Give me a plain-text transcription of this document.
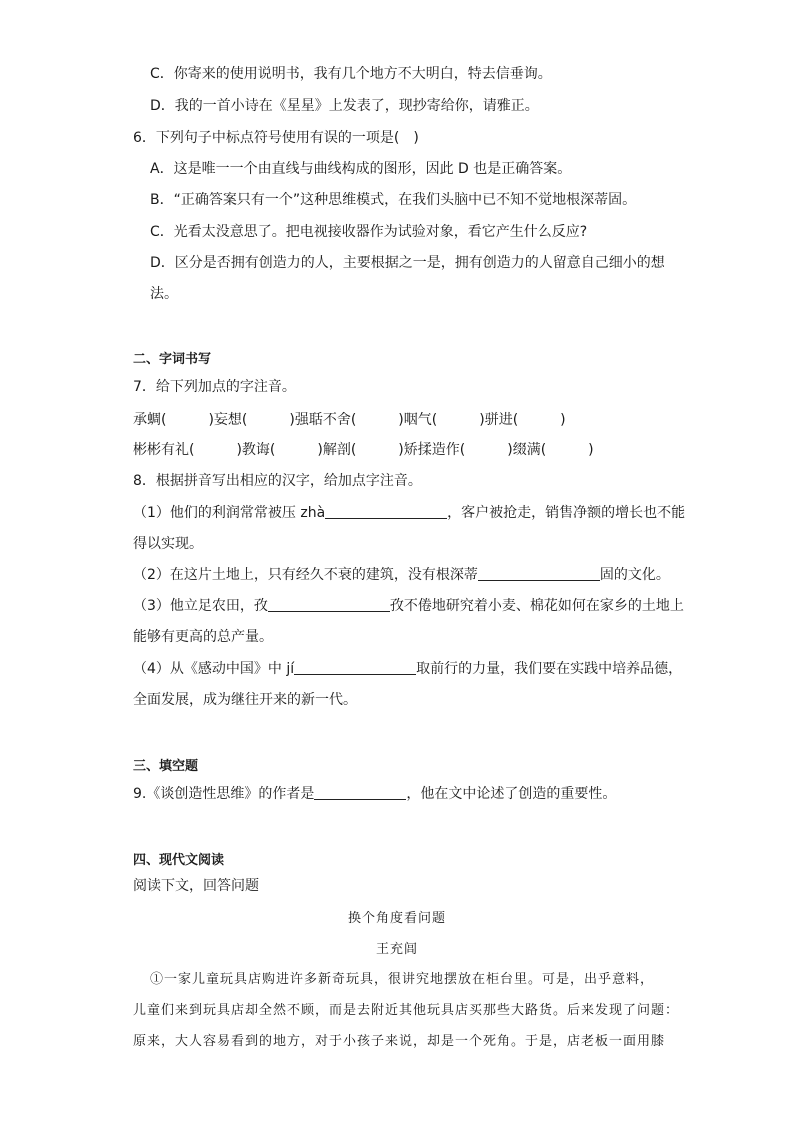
C．你寄来的使用说明书，我有几个地方不大明白，特去信垂询。
D．我的一首小诗在《星星》上发表了，现抄寄给你，请雅正。
6．下列句子中标点符号使用有误的一项是(　)
A．这是唯一一个由直线与曲线构成的图形，因此 D 也是正确答案。
B．“正确答案只有一个”这种思维模式，在我们头脑中已不知不觉地根深蒂固。
C．光看太没意思了。把电视接收器作为试验对象，看它产生什么反应?
D．区分是否拥有创造力的人，主要根据之一是，拥有创造力的人留意自己细小的想
法。
二、字词书写
7．给下列加点的字注音。
承蜩(　　　)妄想(　　　)强聒不舍(　　　)咽气(　　　)骈进(　　　)
彬彬有礼(　　　)教诲(　　　)解剖(　　　)矫揉造作(　　　)缀满(　　　)
8．根据拼音写出相应的汉字，给加点字注音。
（1）他们的利润常常被压 zhà	，客户被抢走，销售净额的增长也不能
得以实现。
（2）在这片土地上，只有经久不衰的建筑，没有根深蒂	固的文化。
（3）他立足农田，孜	孜不倦地研究着小麦、棉花如何在家乡的土地上
能够有更高的总产量。
（4）从《感动中国》中 jí	取前行的力量，我们要在实践中培养品德，
全面发展，成为继往开来的新一代。
三、填空题
9.《谈创造性思维》的作者是	，他在文中论述了创造的重要性。
四、现代文阅读
阅读下文，回答问题
换个角度看问题
王充闾
①一家儿童玩具店购进许多新奇玩具，很讲究地摆放在柜台里。可是，出乎意料，
儿童们来到玩具店却全然不顾，而是去附近其他玩具店买那些大路货。后来发现了问题：
原来，大人容易看到的地方，对于小孩子来说，却是一个死角。于是，店老板一面用膝
